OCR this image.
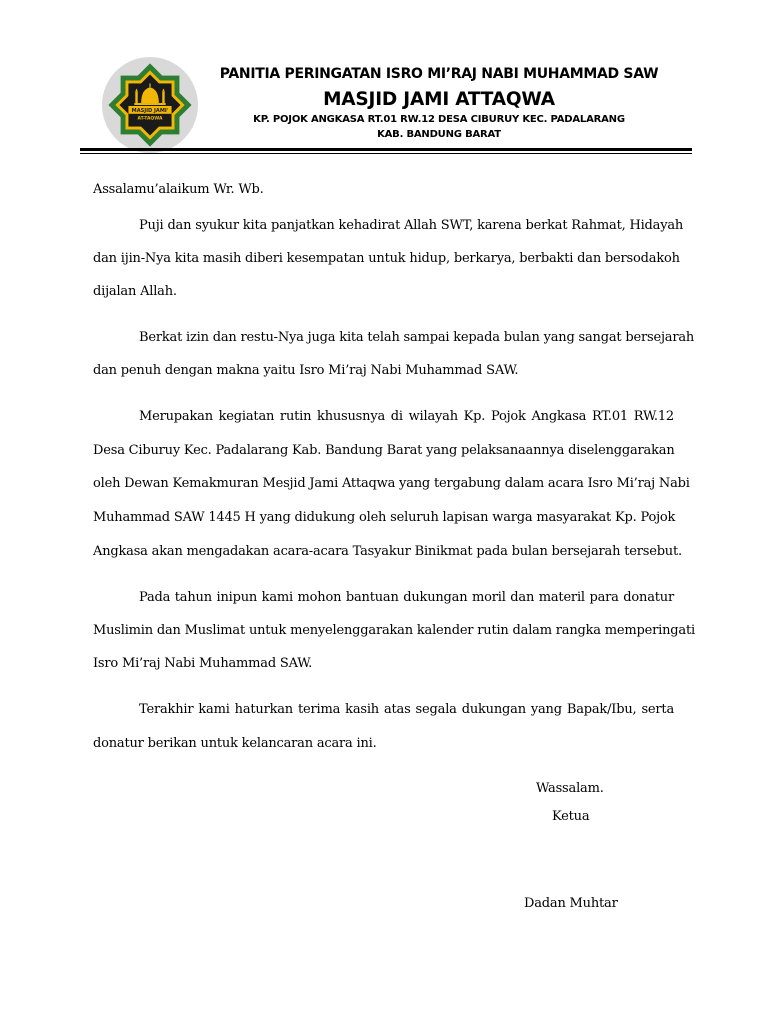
MASJID JAMI'
AT-TAQWA
PANITIA PERINGATAN ISRO MI’RAJ NABI MUHAMMAD SAW
MASJID JAMI ATTAQWA
KP. POJOK ANGKASA RT.01 RW.12 DESA CIBURUY KEC. PADALARANG
KAB. BANDUNG BARAT
Assalamu’alaikum Wr. Wb.
Puji dan syukur kita panjatkan kehadirat Allah SWT, karena berkat Rahmat, Hidayah
dan ijin-Nya kita masih diberi kesempatan untuk hidup, berkarya, berbakti dan bersodakoh
dijalan Allah.
Berkat izin dan restu-Nya juga kita telah sampai kepada bulan yang sangat bersejarah
dan penuh dengan makna yaitu Isro Mi’raj Nabi Muhammad SAW.
Merupakan kegiatan rutin khususnya di wilayah Kp. Pojok Angkasa RT.01 RW.12
Desa Ciburuy Kec. Padalarang Kab. Bandung Barat yang pelaksanaannya diselenggarakan
oleh Dewan Kemakmuran Mesjid Jami Attaqwa yang tergabung dalam acara Isro Mi’raj Nabi
Muhammad SAW 1445 H yang didukung oleh seluruh lapisan warga masyarakat Kp. Pojok
Angkasa akan mengadakan acara-acara Tasyakur Binikmat pada bulan bersejarah tersebut.
Pada tahun inipun kami mohon bantuan dukungan moril dan materil para donatur
Muslimin dan Muslimat untuk menyelenggarakan kalender rutin dalam rangka memperingati
Isro Mi’raj Nabi Muhammad SAW.
Terakhir kami haturkan terima kasih atas segala dukungan yang Bapak/Ibu, serta
donatur berikan untuk kelancaran acara ini.
Wassalam.
Ketua
Dadan Muhtar
